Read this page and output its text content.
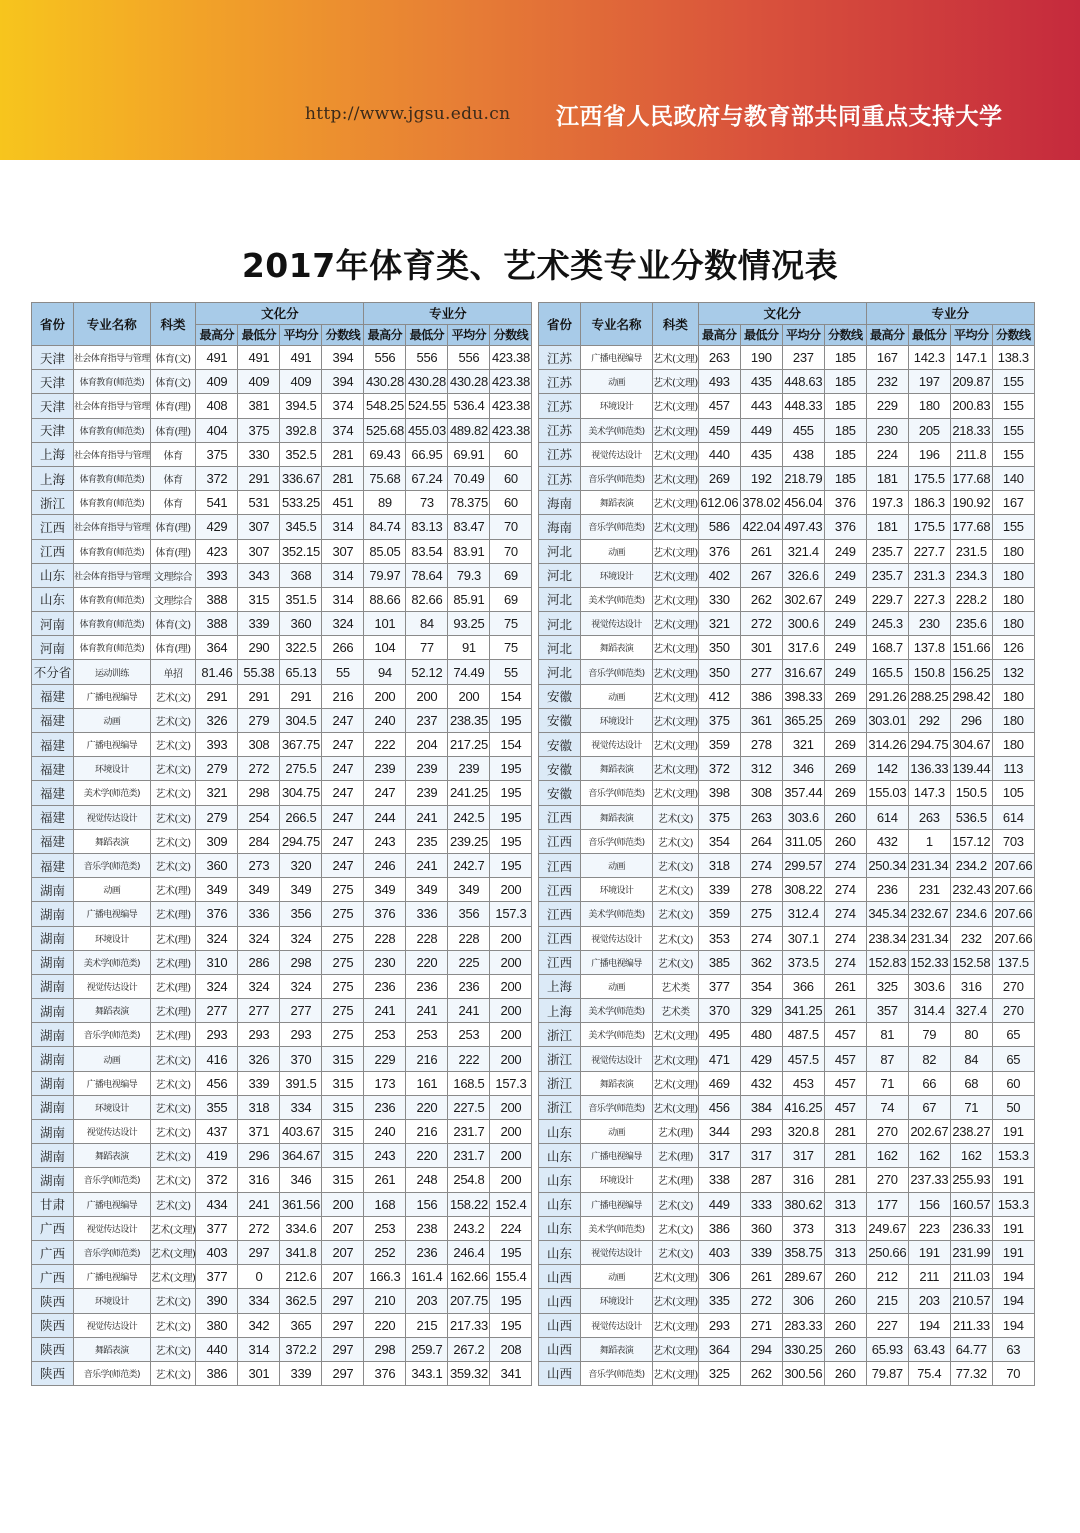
http://www.jgsu.edu.cn 江西省人民政府与教育部共同重点支持大学
2017年体育类、艺术类专业分数情况表
省份	专业名称	科类	文化分				专业分			
			最高分	最低分	平均分	分数线	最高分	最低分	平均分	分数线
天津	社会体育指导与管理	体育(文)	491	491	491	394	556	556	556	423.38
天津	体育教育(师范类)	体育(文)	409	409	409	394	430.28	430.28	430.28	423.38
天津	社会体育指导与管理	体育(理)	408	381	394.5	374	548.25	524.55	536.4	423.38
天津	体育教育(师范类)	体育(理)	404	375	392.8	374	525.68	455.03	489.82	423.38
上海	社会体育指导与管理	体育	375	330	352.5	281	69.43	66.95	69.91	60
上海	体育教育(师范类)	体育	372	291	336.67	281	75.68	67.24	70.49	60
浙江	体育教育(师范类)	体育	541	531	533.25	451	89	73	78.375	60
江西	社会体育指导与管理	体育(理)	429	307	345.5	314	84.74	83.13	83.47	70
江西	体育教育(师范类)	体育(理)	423	307	352.15	307	85.05	83.54	83.91	70
山东	社会体育指导与管理	文理综合	393	343	368	314	79.97	78.64	79.3	69
山东	体育教育(师范类)	文理综合	388	315	351.5	314	88.66	82.66	85.91	69
河南	体育教育(师范类)	体育(文)	388	339	360	324	101	84	93.25	75
河南	体育教育(师范类)	体育(理)	364	290	322.5	266	104	77	91	75
不分省	运动训练	单招	81.46	55.38	65.13	55	94	52.12	74.49	55
福建	广播电视编导	艺术(文)	291	291	291	216	200	200	200	154
福建	动画	艺术(文)	326	279	304.5	247	240	237	238.35	195
福建	广播电视编导	艺术(文)	393	308	367.75	247	222	204	217.25	154
福建	环境设计	艺术(文)	279	272	275.5	247	239	239	239	195
福建	美术学(师范类)	艺术(文)	321	298	304.75	247	247	239	241.25	195
福建	视觉传达设计	艺术(文)	279	254	266.5	247	244	241	242.5	195
福建	舞蹈表演	艺术(文)	309	284	294.75	247	243	235	239.25	195
福建	音乐学(师范类)	艺术(文)	360	273	320	247	246	241	242.7	195
湖南	动画	艺术(理)	349	349	349	275	349	349	349	200
湖南	广播电视编导	艺术(理)	376	336	356	275	376	336	356	157.3
湖南	环境设计	艺术(理)	324	324	324	275	228	228	228	200
湖南	美术学(师范类)	艺术(理)	310	286	298	275	230	220	225	200
湖南	视觉传达设计	艺术(理)	324	324	324	275	236	236	236	200
湖南	舞蹈表演	艺术(理)	277	277	277	275	241	241	241	200
湖南	音乐学(师范类)	艺术(理)	293	293	293	275	253	253	253	200
湖南	动画	艺术(文)	416	326	370	315	229	216	222	200
湖南	广播电视编导	艺术(文)	456	339	391.5	315	173	161	168.5	157.3
湖南	环境设计	艺术(文)	355	318	334	315	236	220	227.5	200
湖南	视觉传达设计	艺术(文)	437	371	403.67	315	240	216	231.7	200
湖南	舞蹈表演	艺术(文)	419	296	364.67	315	243	220	231.7	200
湖南	音乐学(师范类)	艺术(文)	372	316	346	315	261	248	254.8	200
甘肃	广播电视编导	艺术(文)	434	241	361.56	200	168	156	158.22	152.4
广西	视觉传达设计	艺术(文理)	377	272	334.6	207	253	238	243.2	224
广西	音乐学(师范类)	艺术(文理)	403	297	341.8	207	252	236	246.4	195
广西	广播电视编导	艺术(文理)	377	0	212.6	207	166.3	161.4	162.66	155.4
陕西	环境设计	艺术(文)	390	334	362.5	297	210	203	207.75	195
陕西	视觉传达设计	艺术(文)	380	342	365	297	220	215	217.33	195
陕西	舞蹈表演	艺术(文)	440	314	372.2	297	298	259.7	267.2	208
陕西	音乐学(师范类)	艺术(文)	386	301	339	297	376	343.1	359.32	341
省份	专业名称	科类	文化分				专业分			
			最高分	最低分	平均分	分数线	最高分	最低分	平均分	分数线
江苏	广播电视编导	艺术(文理)	263	190	237	185	167	142.3	147.1	138.3
江苏	动画	艺术(文理)	493	435	448.63	185	232	197	209.87	155
江苏	环境设计	艺术(文理)	457	443	448.33	185	229	180	200.83	155
江苏	美术学(师范类)	艺术(文理)	459	449	455	185	230	205	218.33	155
江苏	视觉传达设计	艺术(文理)	440	435	438	185	224	196	211.8	155
江苏	音乐学(师范类)	艺术(文理)	269	192	218.79	185	181	175.5	177.68	140
海南	舞蹈表演	艺术(文理)	612.06	378.02	456.04	376	197.3	186.3	190.92	167
海南	音乐学(师范类)	艺术(文理)	586	422.04	497.43	376	181	175.5	177.68	155
河北	动画	艺术(文理)	376	261	321.4	249	235.7	227.7	231.5	180
河北	环境设计	艺术(文理)	402	267	326.6	249	235.7	231.3	234.3	180
河北	美术学(师范类)	艺术(文理)	330	262	302.67	249	229.7	227.3	228.2	180
河北	视觉传达设计	艺术(文理)	321	272	300.6	249	245.3	230	235.6	180
河北	舞蹈表演	艺术(文理)	350	301	317.6	249	168.7	137.8	151.66	126
河北	音乐学(师范类)	艺术(文理)	350	277	316.67	249	165.5	150.8	156.25	132
安徽	动画	艺术(文理)	412	386	398.33	269	291.26	288.25	298.42	180
安徽	环境设计	艺术(文理)	375	361	365.25	269	303.01	292	296	180
安徽	视觉传达设计	艺术(文理)	359	278	321	269	314.26	294.75	304.67	180
安徽	舞蹈表演	艺术(文理)	372	312	346	269	142	136.33	139.44	113
安徽	音乐学(师范类)	艺术(文理)	398	308	357.44	269	155.03	147.3	150.5	105
江西	舞蹈表演	艺术(文)	375	263	303.6	260	614	263	536.5	614
江西	音乐学(师范类)	艺术(文)	354	264	311.05	260	432	1	157.12	703
江西	动画	艺术(文)	318	274	299.57	274	250.34	231.34	234.2	207.66
江西	环境设计	艺术(文)	339	278	308.22	274	236	231	232.43	207.66
江西	美术学(师范类)	艺术(文)	359	275	312.4	274	345.34	232.67	234.6	207.66
江西	视觉传达设计	艺术(文)	353	274	307.1	274	238.34	231.34	232	207.66
江西	广播电视编导	艺术(文)	385	362	373.5	274	152.83	152.33	152.58	137.5
上海	动画	艺术类	377	354	366	261	325	303.6	316	270
上海	美术学(师范类)	艺术类	370	329	341.25	261	357	314.4	327.4	270
浙江	美术学(师范类)	艺术(文理)	495	480	487.5	457	81	79	80	65
浙江	视觉传达设计	艺术(文理)	471	429	457.5	457	87	82	84	65
浙江	舞蹈表演	艺术(文理)	469	432	453	457	71	66	68	60
浙江	音乐学(师范类)	艺术(文理)	456	384	416.25	457	74	67	71	50
山东	动画	艺术(理)	344	293	320.8	281	270	202.67	238.27	191
山东	广播电视编导	艺术(理)	317	317	317	281	162	162	162	153.3
山东	环境设计	艺术(理)	338	287	316	281	270	237.33	255.93	191
山东	广播电视编导	艺术(文)	449	333	380.62	313	177	156	160.57	153.3
山东	美术学(师范类)	艺术(文)	386	360	373	313	249.67	223	236.33	191
山东	视觉传达设计	艺术(文)	403	339	358.75	313	250.66	191	231.99	191
山西	动画	艺术(文理)	306	261	289.67	260	212	211	211.03	194
山西	环境设计	艺术(文理)	335	272	306	260	215	203	210.57	194
山西	视觉传达设计	艺术(文理)	293	271	283.33	260	227	194	211.33	194
山西	舞蹈表演	艺术(文理)	364	294	330.25	260	65.93	63.43	64.77	63
山西	音乐学(师范类)	艺术(文理)	325	262	300.56	260	79.87	75.4	77.32	70
